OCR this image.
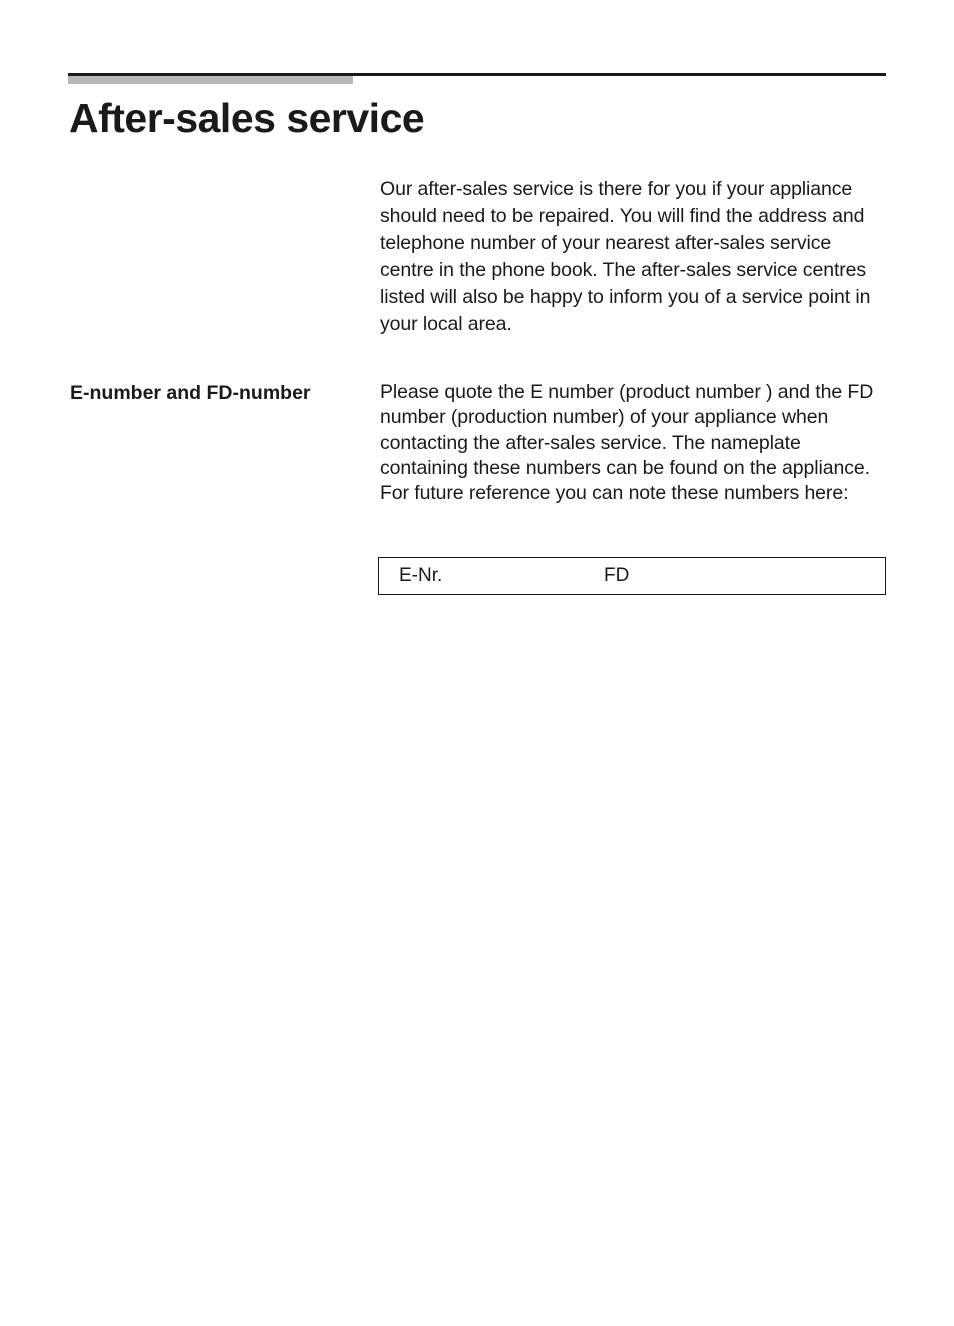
After-sales service

Our after-sales service is there for you if your appliance should need to be repaired. You will find the address and telephone number of your nearest after-sales service centre in the phone book. The after-sales service centres listed will also be happy to inform you of a service point in your local area.

E-number and FD-number	Please quote the E number (product number ) and the FD number (production number) of your appliance when contacting the after-sales service. The nameplate containing these numbers can be found on the appliance. For future reference you can note these numbers here:

E-Nr.	FD
